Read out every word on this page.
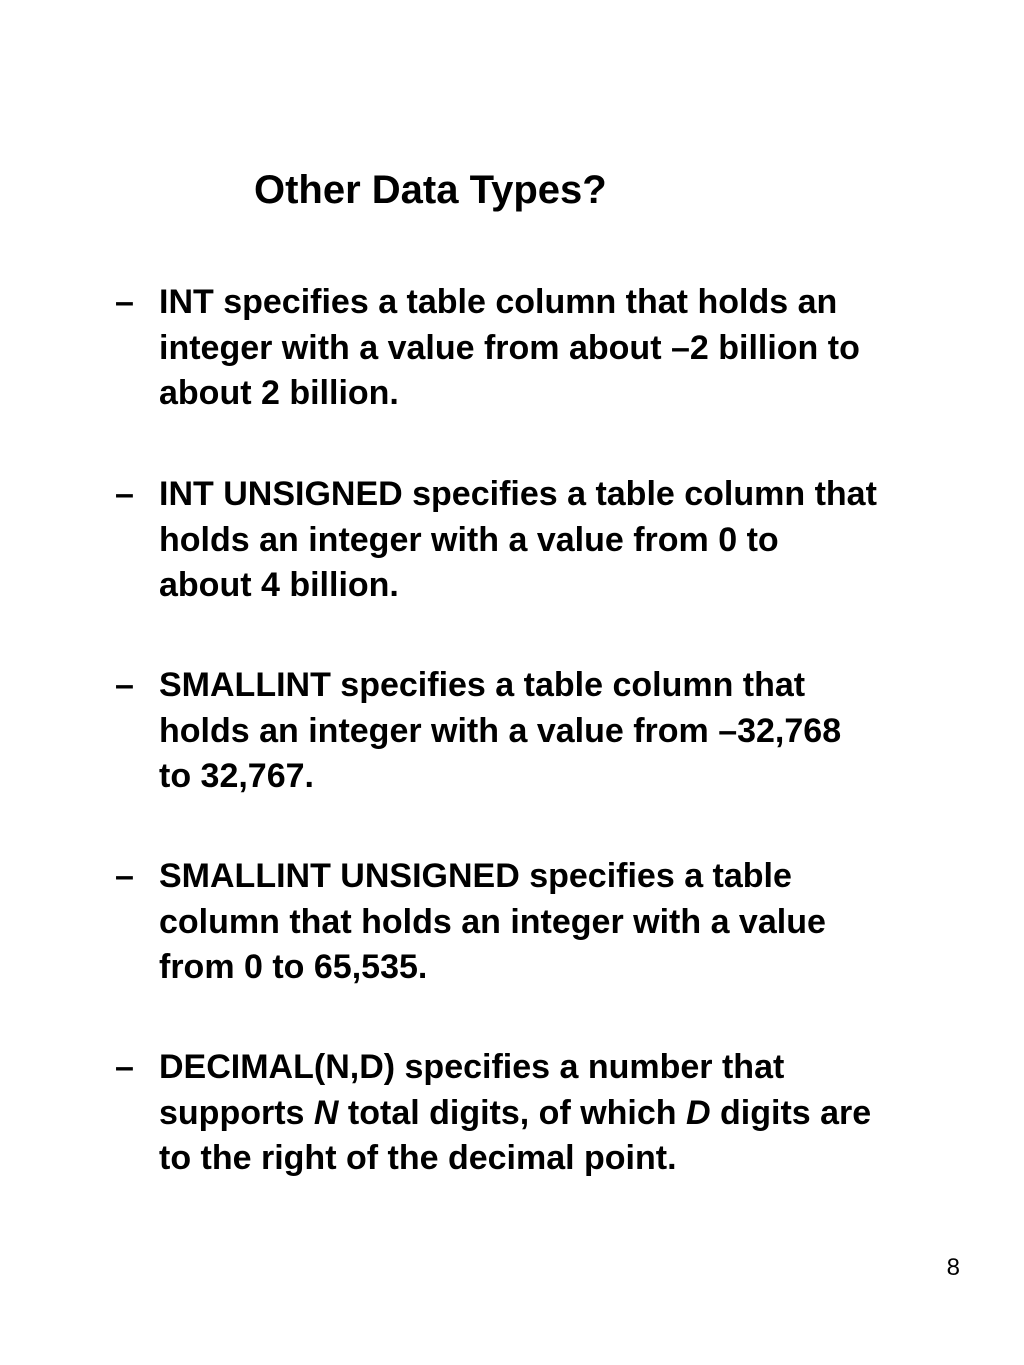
Other Data Types?
– INT specifies a table column that holds an
integer with a value from about –2 billion to
about 2 billion.
– INT UNSIGNED specifies a table column that
holds an integer with a value from 0 to
about 4 billion.
– SMALLINT specifies a table column that
holds an integer with a value from –32,768
to 32,767.
– SMALLINT UNSIGNED specifies a table
column that holds an integer with a value
from 0 to 65,535.
– DECIMAL(N,D) specifies a number that
supports N total digits, of which D digits are
to the right of the decimal point.
8
